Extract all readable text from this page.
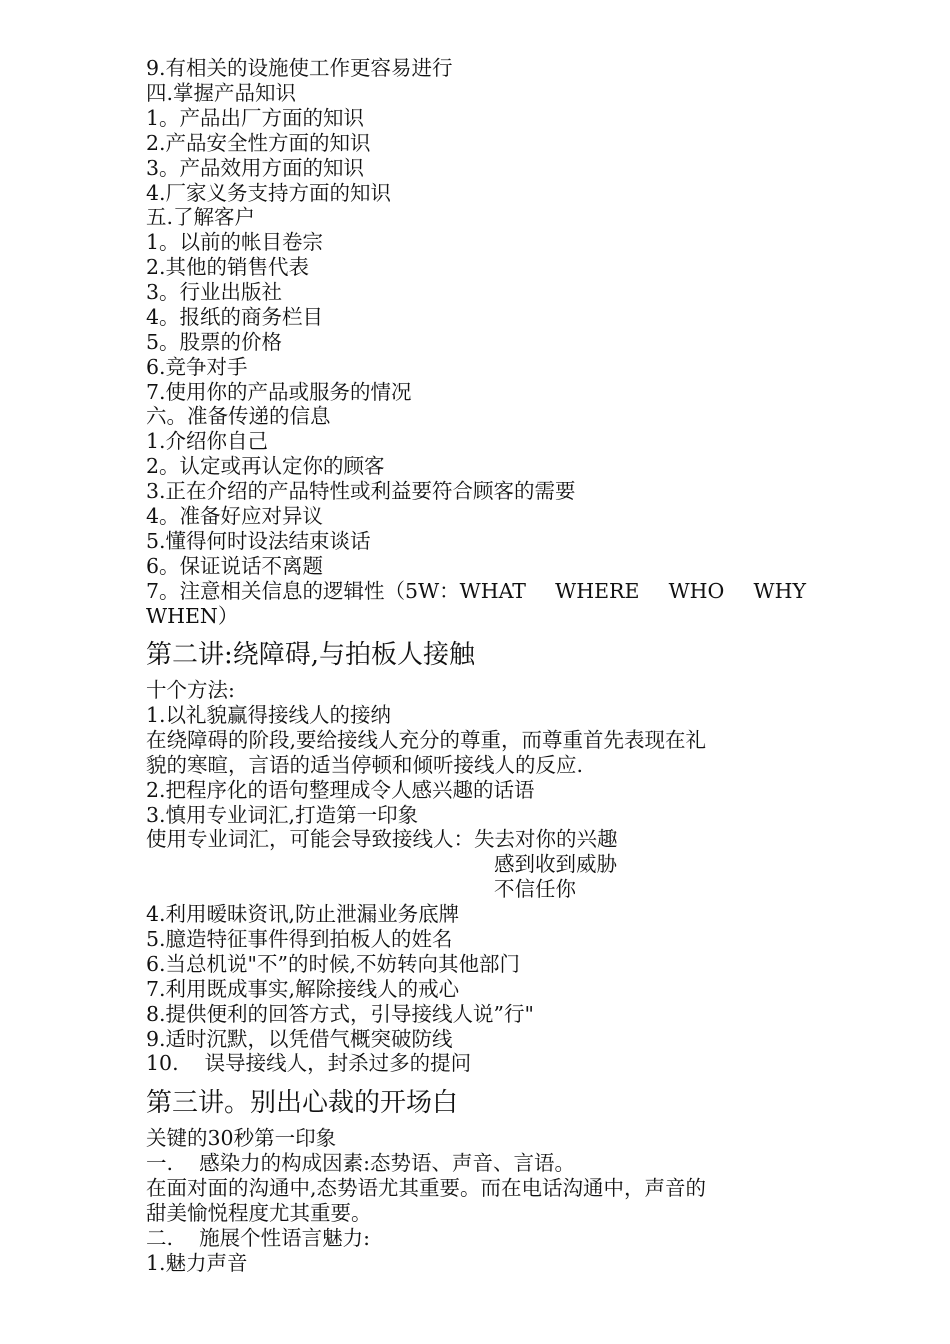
9.有相关的设施使工作更容易进行
四.掌握产品知识
1。产品出厂方面的知识
2.产品安全性方面的知识
3。产品效用方面的知识
4.厂家义务支持方面的知识
五.了解客户
1。以前的帐目卷宗
2.其他的销售代表
3。行业出版社
4。报纸的商务栏目
5。股票的价格
6.竞争对手
7.使用你的产品或服务的情况
六。准备传递的信息
1.介绍你自己
2。认定或再认定你的顾客
3.正在介绍的产品特性或利益要符合顾客的需要
4。准备好应对异议
5.懂得何时设法结束谈话
6。保证说话不离题
7。注意相关信息的逻辑性（5W：WHAT WHERE WHO WHY
WHEN）
第二讲:绕障碍,与拍板人接触
十个方法:
1.以礼貌赢得接线人的接纳
在绕障碍的阶段,要给接线人充分的尊重，而尊重首先表现在礼
貌的寒暄，言语的适当停顿和倾听接线人的反应.
2.把程序化的语句整理成令人感兴趣的话语
3.慎用专业词汇,打造第一印象
使用专业词汇，可能会导致接线人：失去对你的兴趣
感到收到威胁
不信任你
4.利用暧昧资讯,防止泄漏业务底牌
5.臆造特征事件得到拍板人的姓名
6.当总机说"不”的时候,不妨转向其他部门
7.利用既成事实,解除接线人的戒心
8.提供便利的回答方式，引导接线人说”行"
9.适时沉默，以凭借气概突破防线
10.    误导接线人，封杀过多的提问
第三讲。别出心裁的开场白
关键的30秒第一印象
一.    感染力的构成因素:态势语、声音、言语。
在面对面的沟通中,态势语尤其重要。而在电话沟通中，声音的
甜美愉悦程度尤其重要。
二.    施展个性语言魅力:
1.魅力声音
